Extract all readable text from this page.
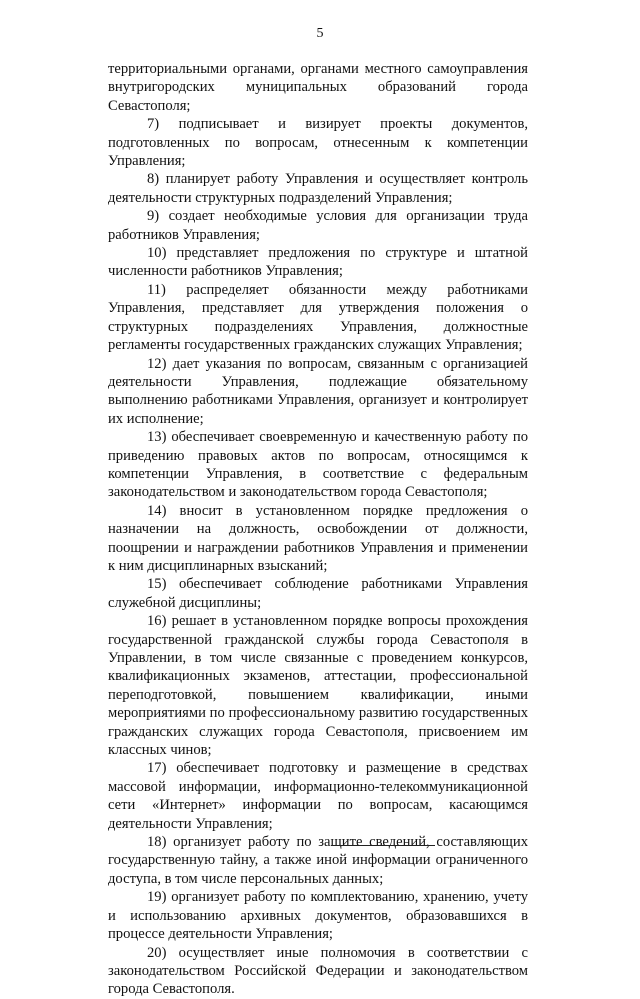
5

территориальными органами, органами местного самоуправления внутригородских муниципальных образований города Севастополя;

7) подписывает и визирует проекты документов, подготовленных по вопросам, отнесенным к компетенции Управления;

8) планирует работу Управления и осуществляет контроль деятельности структурных подразделений Управления;

9) создает необходимые условия для организации труда работников Управления;

10) представляет предложения по структуре и штатной численности работников Управления;

11) распределяет обязанности между работниками Управления, представляет для утверждения положения о структурных подразделениях Управления, должностные регламенты государственных гражданских служащих Управления;

12) дает указания по вопросам, связанным с организацией деятельности Управления, подлежащие обязательному выполнению работниками Управления, организует и контролирует их исполнение;

13) обеспечивает своевременную и качественную работу по приведению правовых актов по вопросам, относящимся к компетенции Управления, в соответствие с федеральным законодательством и законодательством города Севастополя;

14) вносит в установленном порядке предложения о назначении на должность, освобождении от должности, поощрении и награждении работников Управления и применении к ним дисциплинарных взысканий;

15) обеспечивает соблюдение работниками Управления служебной дисциплины;

16) решает в установленном порядке вопросы прохождения государственной гражданской службы города Севастополя в Управлении, в том числе связанные с проведением конкурсов, квалификационных экзаменов, аттестации, профессиональной переподготовкой, повышением квалификации, иными мероприятиями по профессиональному развитию государственных гражданских служащих города Севастополя, присвоением им классных чинов;

17) обеспечивает подготовку и размещение в средствах массовой информации, информационно-телекоммуникационной сети «Интернет» информации по вопросам, касающимся деятельности Управления;

18) организует работу по защите сведений, составляющих государственную тайну, а также иной информации ограниченного доступа, в том числе персональных данных;

19) организует работу по комплектованию, хранению, учету и использованию архивных документов, образовавшихся в процессе деятельности Управления;

20) осуществляет иные полномочия в соответствии с законодательством Российской Федерации и законодательством города Севастополя.
